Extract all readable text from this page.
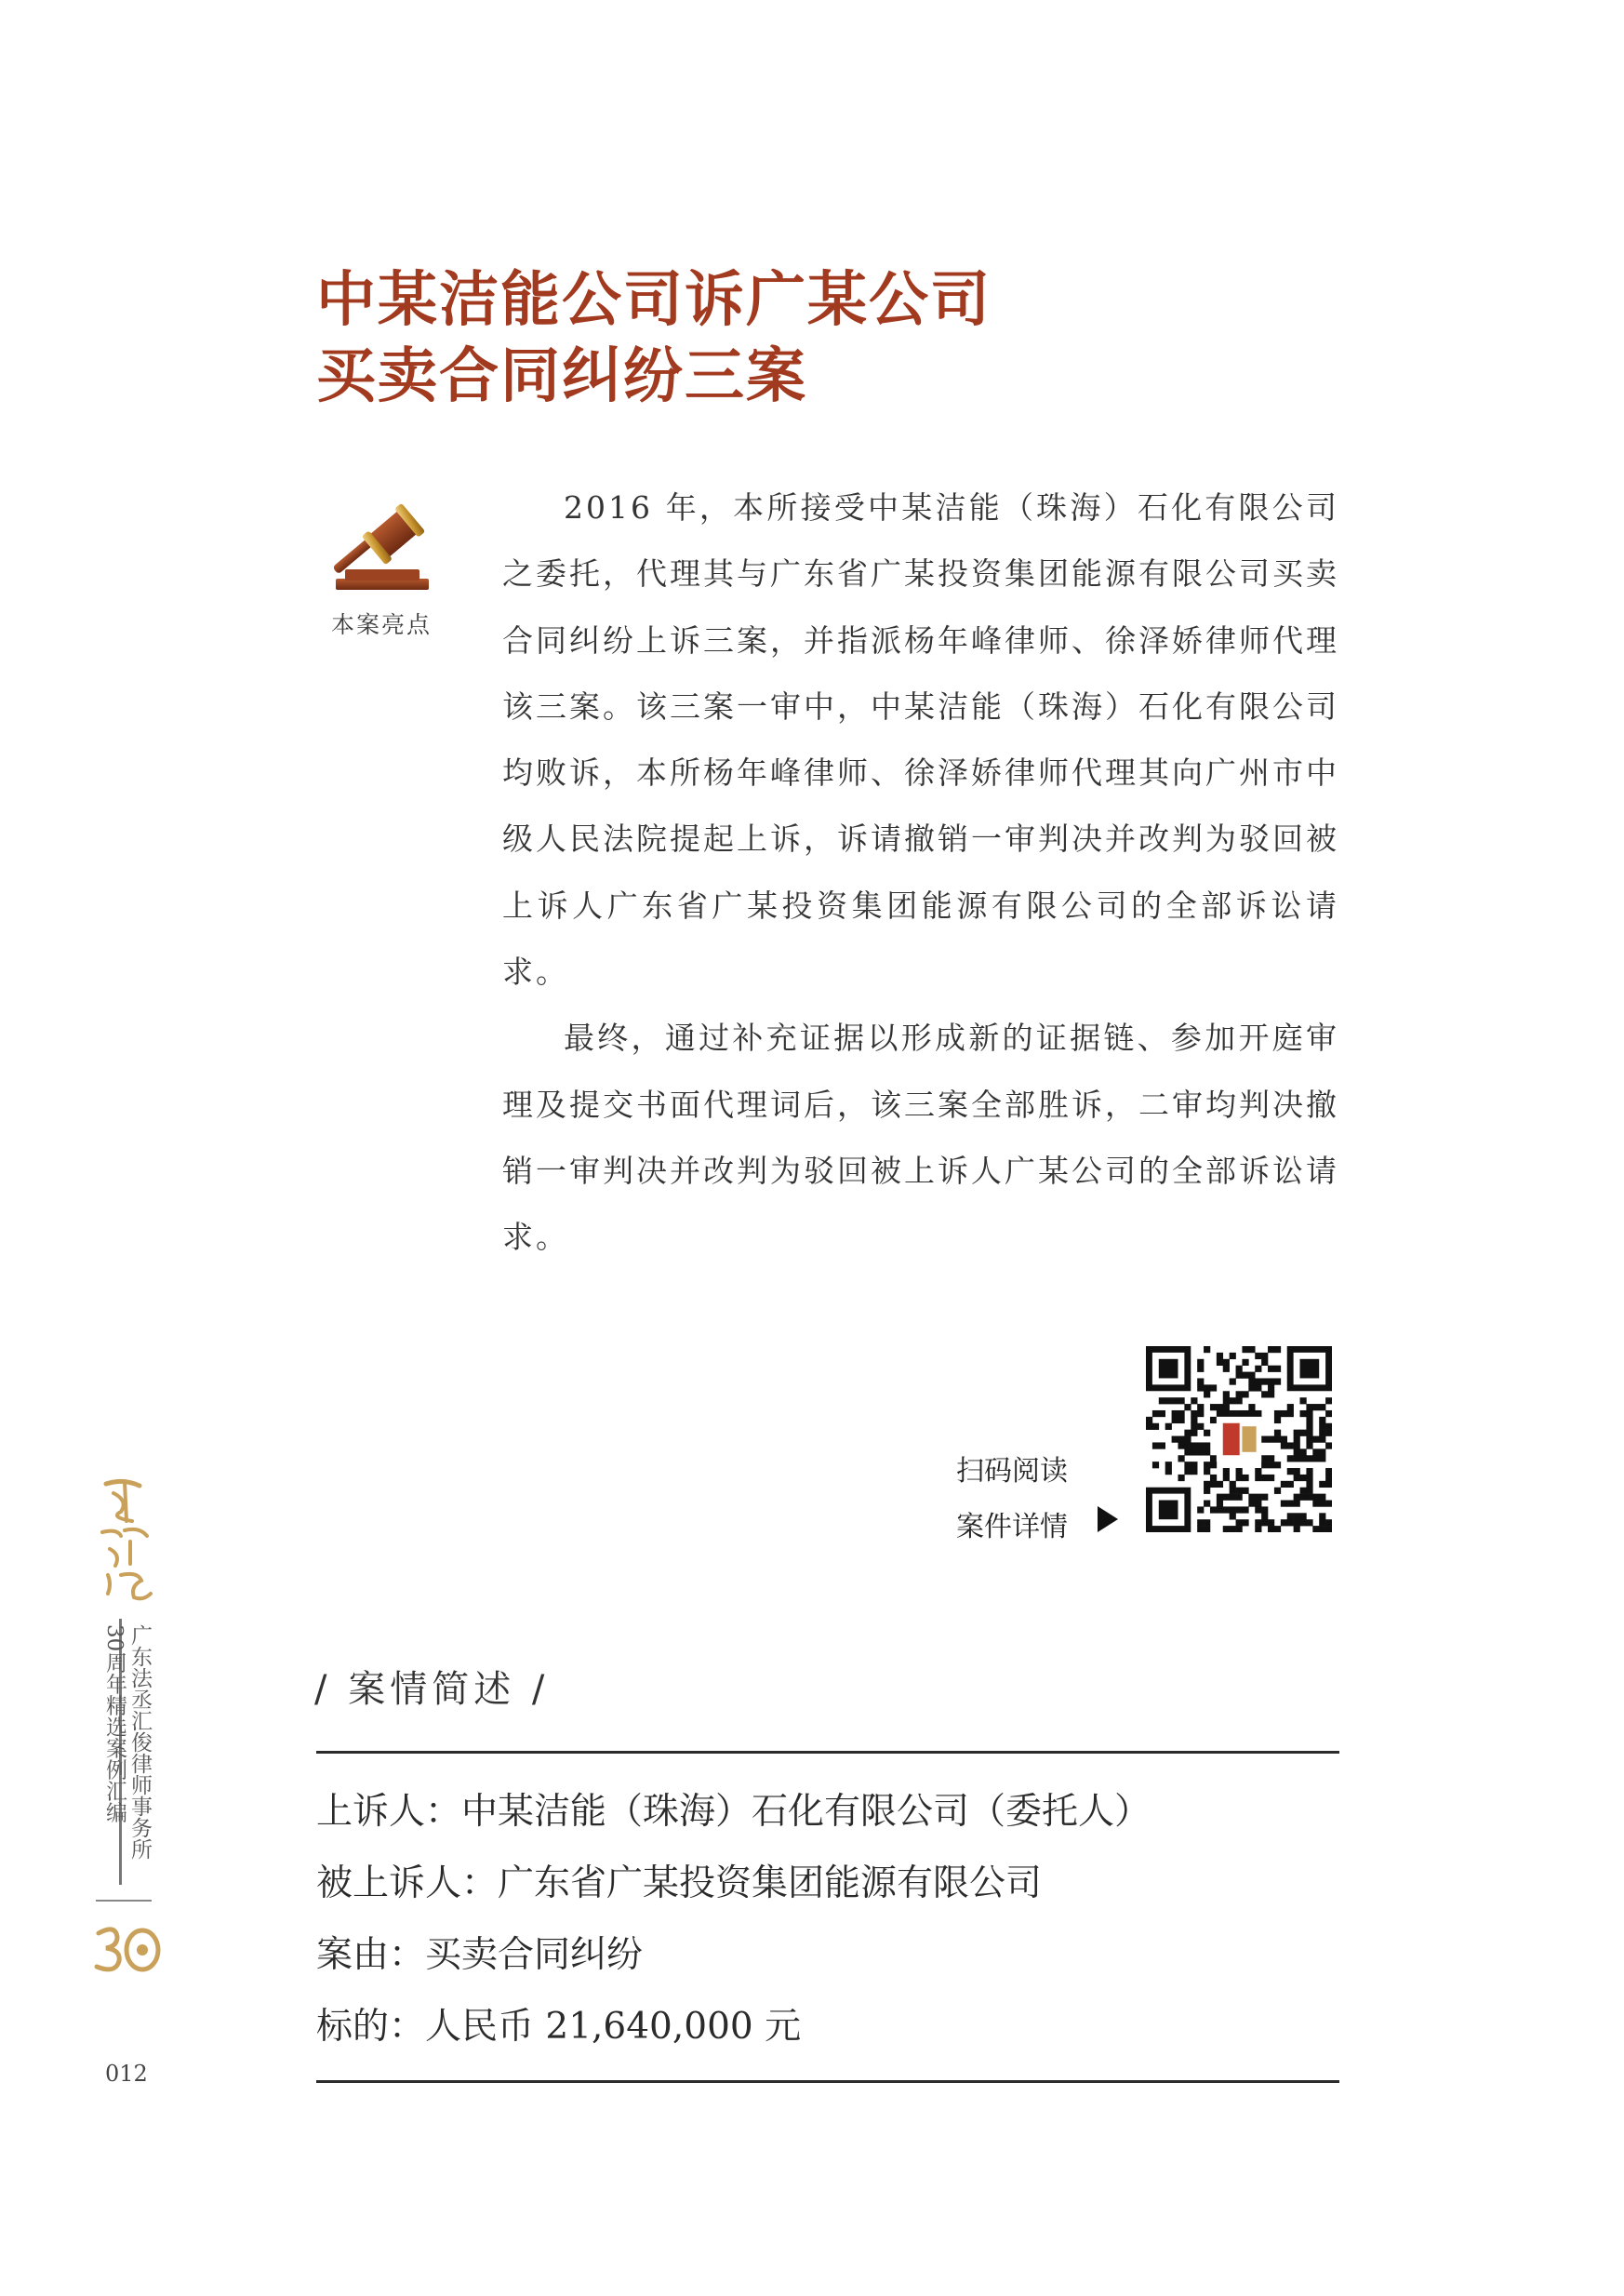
中某洁能公司诉广某公司
买卖合同纠纷三案
本案亮点

2016 年，本所接受中某洁能（珠海）石化有限公司之委托，代理其与广东省广某投资集团能源有限公司买卖合同纠纷上诉三案，并指派杨年峰律师、徐泽娇律师代理该三案。该三案一审中，中某洁能（珠海）石化有限公司均败诉，本所杨年峰律师、徐泽娇律师代理其向广州市中级人民法院提起上诉，诉请撤销一审判决并改判为驳回被上诉人广东省广某投资集团能源有限公司的全部诉讼请求。

最终，通过补充证据以形成新的证据链、参加开庭审理及提交书面代理词后，该三案全部胜诉，二审均判决撤销一审判决并改判为驳回被上诉人广某公司的全部诉讼请求。

扫码阅读
案件详情
广东法丞汇俊律师事务所
30周年精选案例汇编
012
/ 案情简述 /
上诉人：中某洁能（珠海）石化有限公司（委托人）
被上诉人：广东省广某投资集团能源有限公司
案由：买卖合同纠纷
标的：人民币 21,640,000 元
